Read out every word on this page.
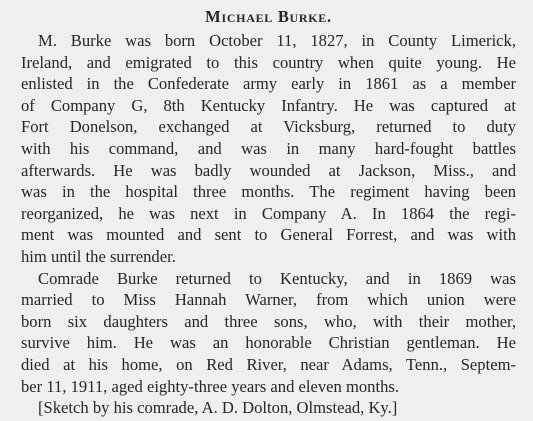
Michael Burke.
M. Burke was born October 11, 1827, in County Limerick,
Ireland, and emigrated to this country when quite young. He
enlisted in the Confederate army early in 1861 as a member
of Company G, 8th Kentucky Infantry. He was captured at
Fort Donelson, exchanged at Vicksburg, returned to duty
with his command, and was in many hard-fought battles
afterwards. He was badly wounded at Jackson, Miss., and
was in the hospital three months. The regiment having been
reorganized, he was next in Company A. In 1864 the regi-
ment was mounted and sent to General Forrest, and was with
him until the surrender.
Comrade Burke returned to Kentucky, and in 1869 was
married to Miss Hannah Warner, from which union were
born six daughters and three sons, who, with their mother,
survive him. He was an honorable Christian gentleman. He
died at his home, on Red River, near Adams, Tenn., Septem-
ber 11, 1911, aged eighty-three years and eleven months.
[Sketch by his comrade, A. D. Dolton, Olmstead, Ky.]
